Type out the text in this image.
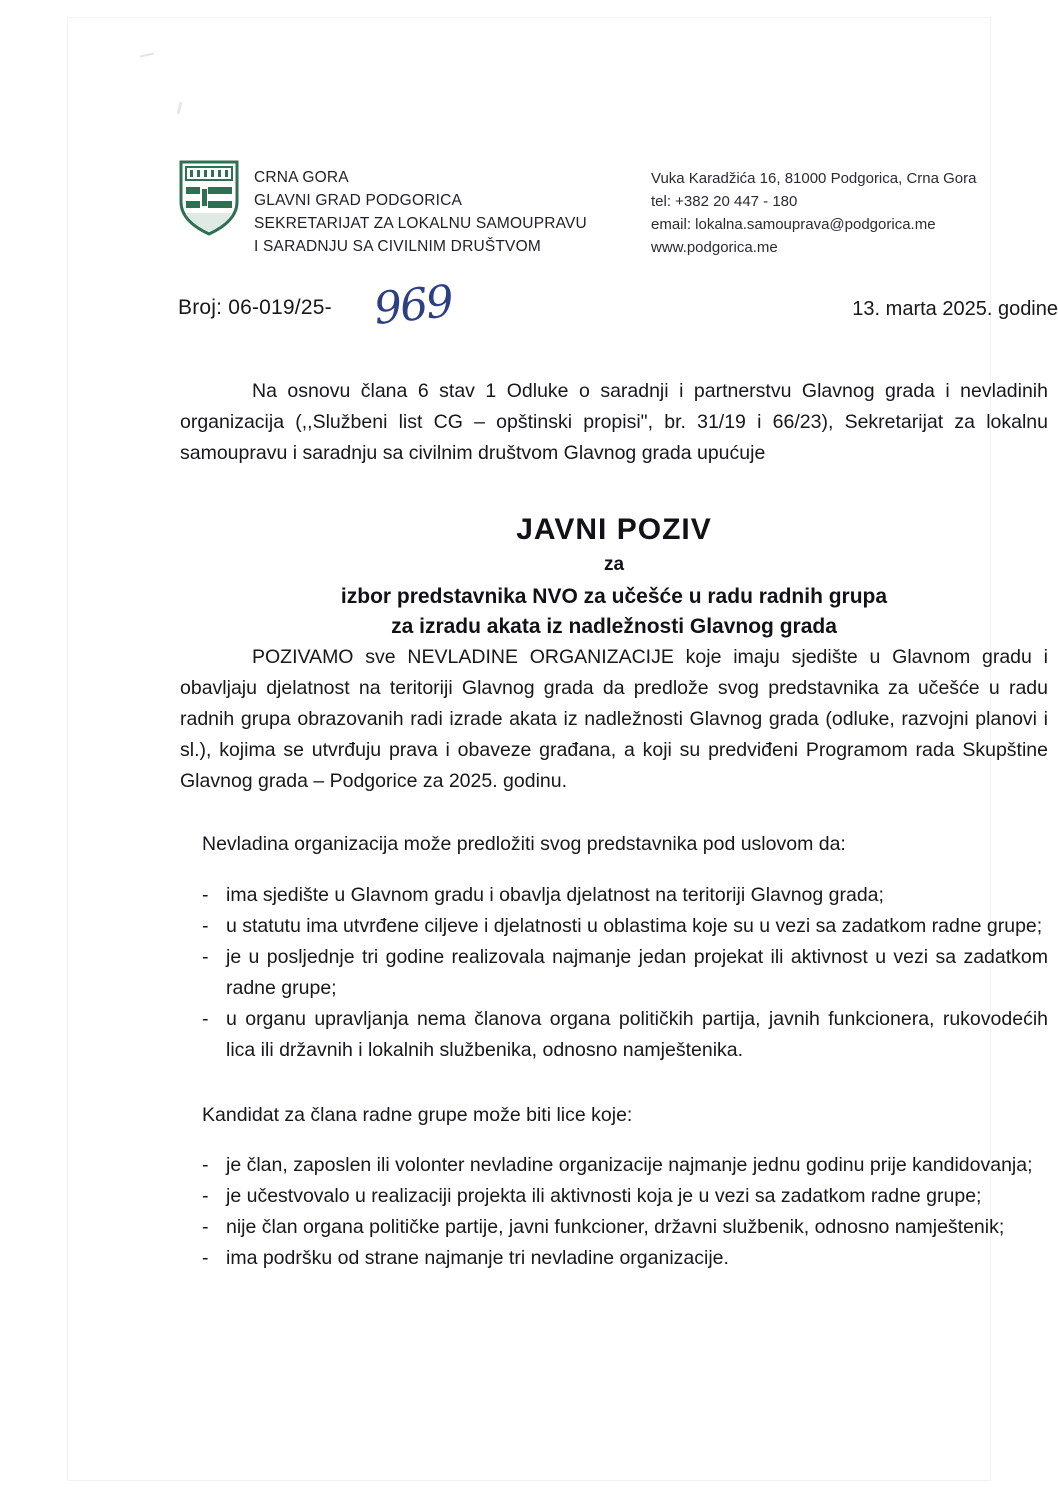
CRNA GORA
GLAVNI GRAD PODGORICA
SEKRETARIJAT ZA LOKALNU SAMOUPRAVU
I SARADNJU SA CIVILNIM DRUŠTVOM
Vuka Karadžića 16, 81000 Podgorica, Crna Gora
tel: +382 20 447 - 180
email: lokalna.samouprava@podgorica.me
www.podgorica.me
Broj: 06-019/25- 969	13. marta 2025. godine

Na osnovu člana 6 stav 1 Odluke o saradnji i partnerstvu Glavnog grada i nevladinih organizacija (,,Službeni list CG – opštinski propisi", br. 31/19 i 66/23), Sekretarijat za lokalnu samoupravu i saradnju sa civilnim društvom Glavnog grada upućuje

JAVNI POZIV
za
izbor predstavnika NVO za učešće u radu radnih grupa
za izradu akata iz nadležnosti Glavnog grada

POZIVAMO sve NEVLADINE ORGANIZACIJE koje imaju sjedište u Glavnom gradu i obavljaju djelatnost na teritoriji Glavnog grada da predlože svog predstavnika za učešće u radu radnih grupa obrazovanih radi izrade akata iz nadležnosti Glavnog grada (odluke, razvojni planovi i sl.), kojima se utvrđuju prava i obaveze građana, a koji su predviđeni Programom rada Skupštine Glavnog grada – Podgorice za 2025. godinu.

Nevladina organizacija može predložiti svog predstavnika pod uslovom da:

- ima sjedište u Glavnom gradu i obavlja djelatnost na teritoriji Glavnog grada;
- u statutu ima utvrđene ciljeve i djelatnosti u oblastima koje su u vezi sa zadatkom radne grupe;
- je u posljednje tri godine realizovala najmanje jedan projekat ili aktivnost u vezi sa zadatkom radne grupe;
- u organu upravljanja nema članova organa političkih partija, javnih funkcionera, rukovodećih lica ili državnih i lokalnih službenika, odnosno namještenika.

Kandidat za člana radne grupe može biti lice koje:

- je član, zaposlen ili volonter nevladine organizacije najmanje jednu godinu prije kandidovanja;
- je učestvovalo u realizaciji projekta ili aktivnosti koja je u vezi sa zadatkom radne grupe;
- nije član organa političke partije, javni funkcioner, državni službenik, odnosno namještenik;
- ima podršku od strane najmanje tri nevladine organizacije.
